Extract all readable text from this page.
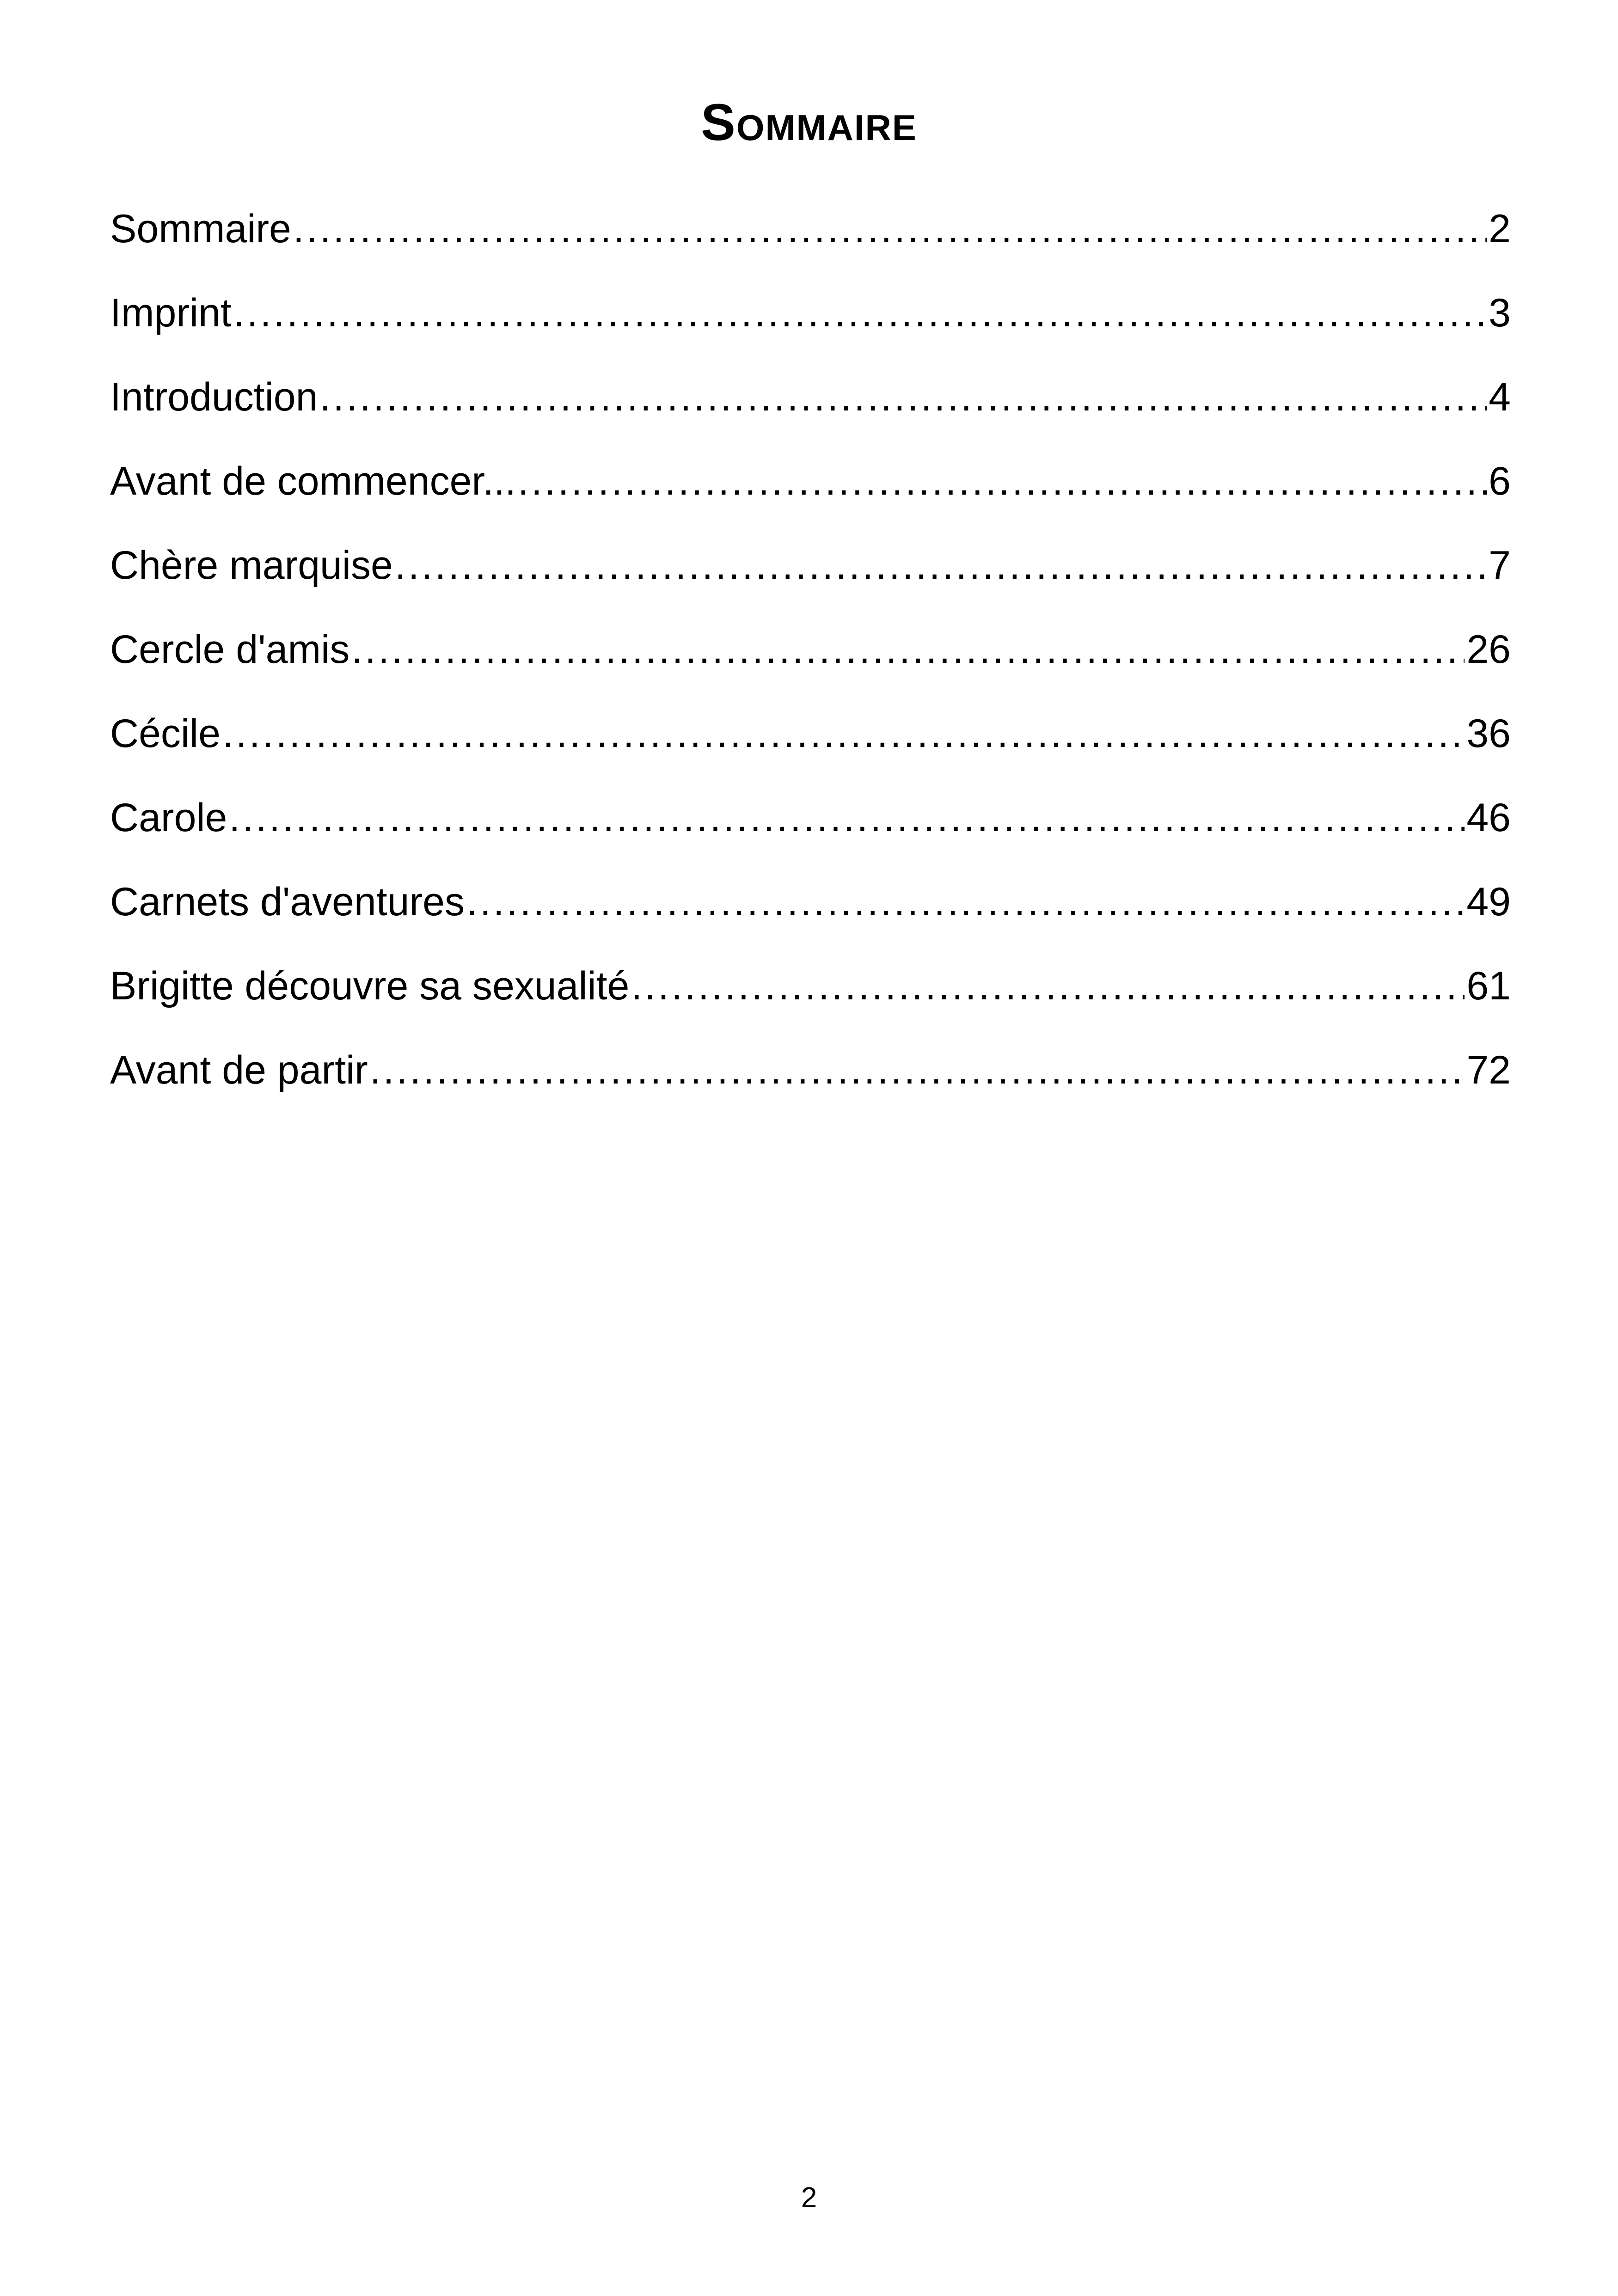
Sommaire
Sommaire .....	2
Imprint .....	3
Introduction .....	4
Avant de commencer... .....	6
Chère marquise .....	7
Cercle d'amis .....	26
Cécile .....	36
Carole .....	46
Carnets d'aventures .....	49
Brigitte découvre sa sexualité .....	61
Avant de partir .....	72
2
